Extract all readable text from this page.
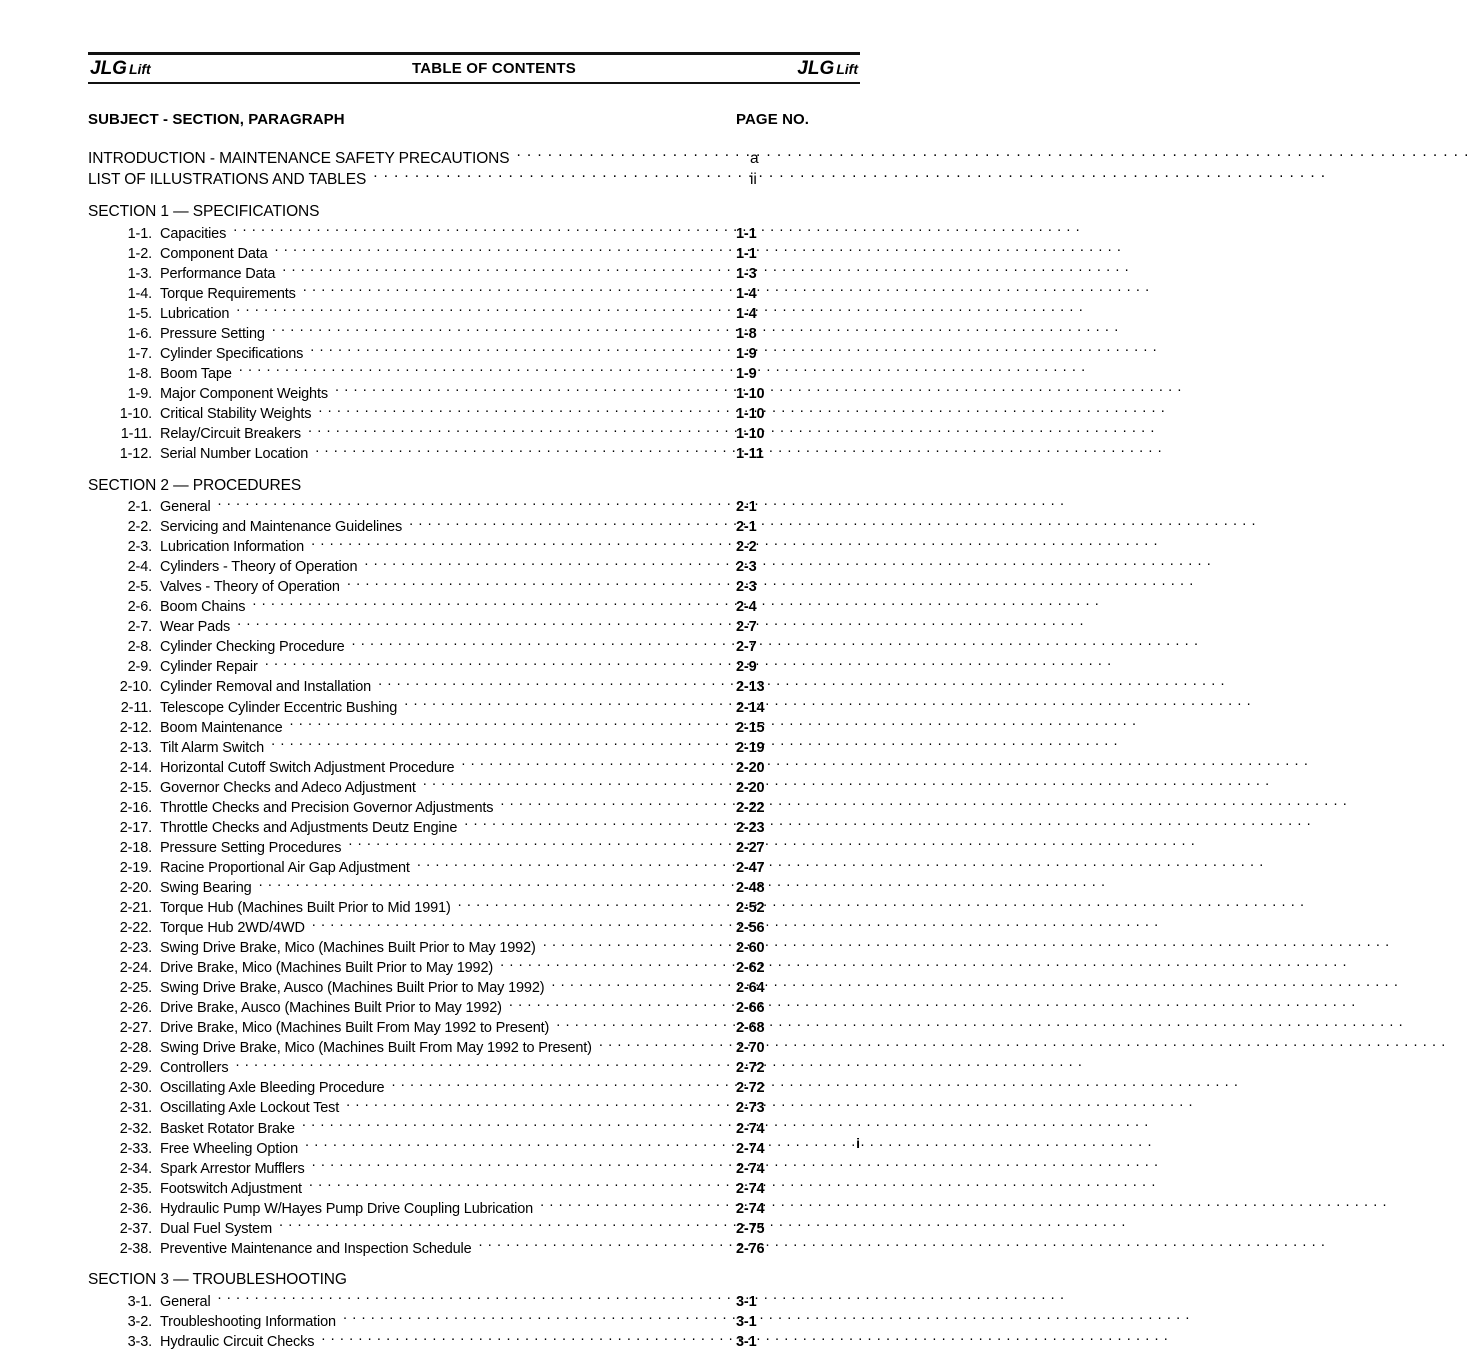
JLG Lift	TABLE OF CONTENTS	JLG Lift
SUBJECT - SECTION, PARAGRAPH	PAGE NO.
INTRODUCTION - MAINTENANCE SAFETY PRECAUTIONS . . .	a
LIST OF ILLUSTRATIONS AND TABLES . . .	ii
SECTION 1 — SPECIFICATIONS
1-1. Capacities . . .	1-1
1-2. Component Data . . .	1-1
1-3. Performance Data . . .	1-3
1-4. Torque Requirements . . .	1-4
1-5. Lubrication . . .	1-4
1-6. Pressure Setting . . .	1-8
1-7. Cylinder Specifications . . .	1-9
1-8. Boom Tape . . .	1-9
1-9. Major Component Weights . . .	1-10
1-10. Critical Stability Weights . . .	1-10
1-11. Relay/Circuit Breakers . . .	1-10
1-12. Serial Number Location . . .	1-11
SECTION 2 — PROCEDURES
2-1. General . . .	2-1
2-2. Servicing and Maintenance Guidelines . . .	2-1
2-3. Lubrication Information . . .	2-2
2-4. Cylinders - Theory of Operation . . .	2-3
2-5. Valves - Theory of Operation . . .	2-3
2-6. Boom Chains . . .	2-4
2-7. Wear Pads . . .	2-7
2-8. Cylinder Checking Procedure . . .	2-7
2-9. Cylinder Repair . . .	2-9
2-10. Cylinder Removal and Installation . . .	2-13
2-11. Telescope Cylinder Eccentric Bushing . . .	2-14
2-12. Boom Maintenance . . .	2-15
2-13. Tilt Alarm Switch . . .	2-19
2-14. Horizontal Cutoff Switch Adjustment Procedure . . .	2-20
2-15. Governor Checks and Adeco Adjustment . . .	2-20
2-16. Throttle Checks and Precision Governor Adjustments . . .	2-22
2-17. Throttle Checks and Adjustments Deutz Engine . . .	2-23
2-18. Pressure Setting Procedures . . .	2-27
2-19. Racine Proportional Air Gap Adjustment . . .	2-47
2-20. Swing Bearing . . .	2-48
2-21. Torque Hub (Machines Built Prior to Mid 1991) . . .	2-52
2-22. Torque Hub 2WD/4WD . . .	2-56
2-23. Swing Drive Brake, Mico (Machines Built Prior to May 1992) . . .	2-60
2-24. Drive Brake, Mico (Machines Built Prior to May 1992) . . .	2-62
2-25. Swing Drive Brake, Ausco (Machines Built Prior to May 1992) . . .	2-64
2-26. Drive Brake, Ausco (Machines Built Prior to May 1992) . . .	2-66
2-27. Drive Brake, Mico (Machines Built From May 1992 to Present) . . .	2-68
2-28. Swing Drive Brake, Mico (Machines Built From May 1992 to Present) . . .	2-70
2-29. Controllers . . .	2-72
2-30. Oscillating Axle Bleeding Procedure . . .	2-72
2-31. Oscillating Axle Lockout Test . . .	2-73
2-32. Basket Rotator Brake . . .	2-74
2-33. Free Wheeling Option . . .	2-74
2-34. Spark Arrestor Mufflers . . .	2-74
2-35. Footswitch Adjustment . . .	2-74
2-36. Hydraulic Pump W/Hayes Pump Drive Coupling Lubrication . . .	2-74
2-37. Dual Fuel System . . .	2-75
2-38. Preventive Maintenance and Inspection Schedule . . .	2-76
SECTION 3 — TROUBLESHOOTING
3-1. General . . .	3-1
3-2. Troubleshooting Information . . .	3-1
3-3. Hydraulic Circuit Checks . . .	3-1
i
